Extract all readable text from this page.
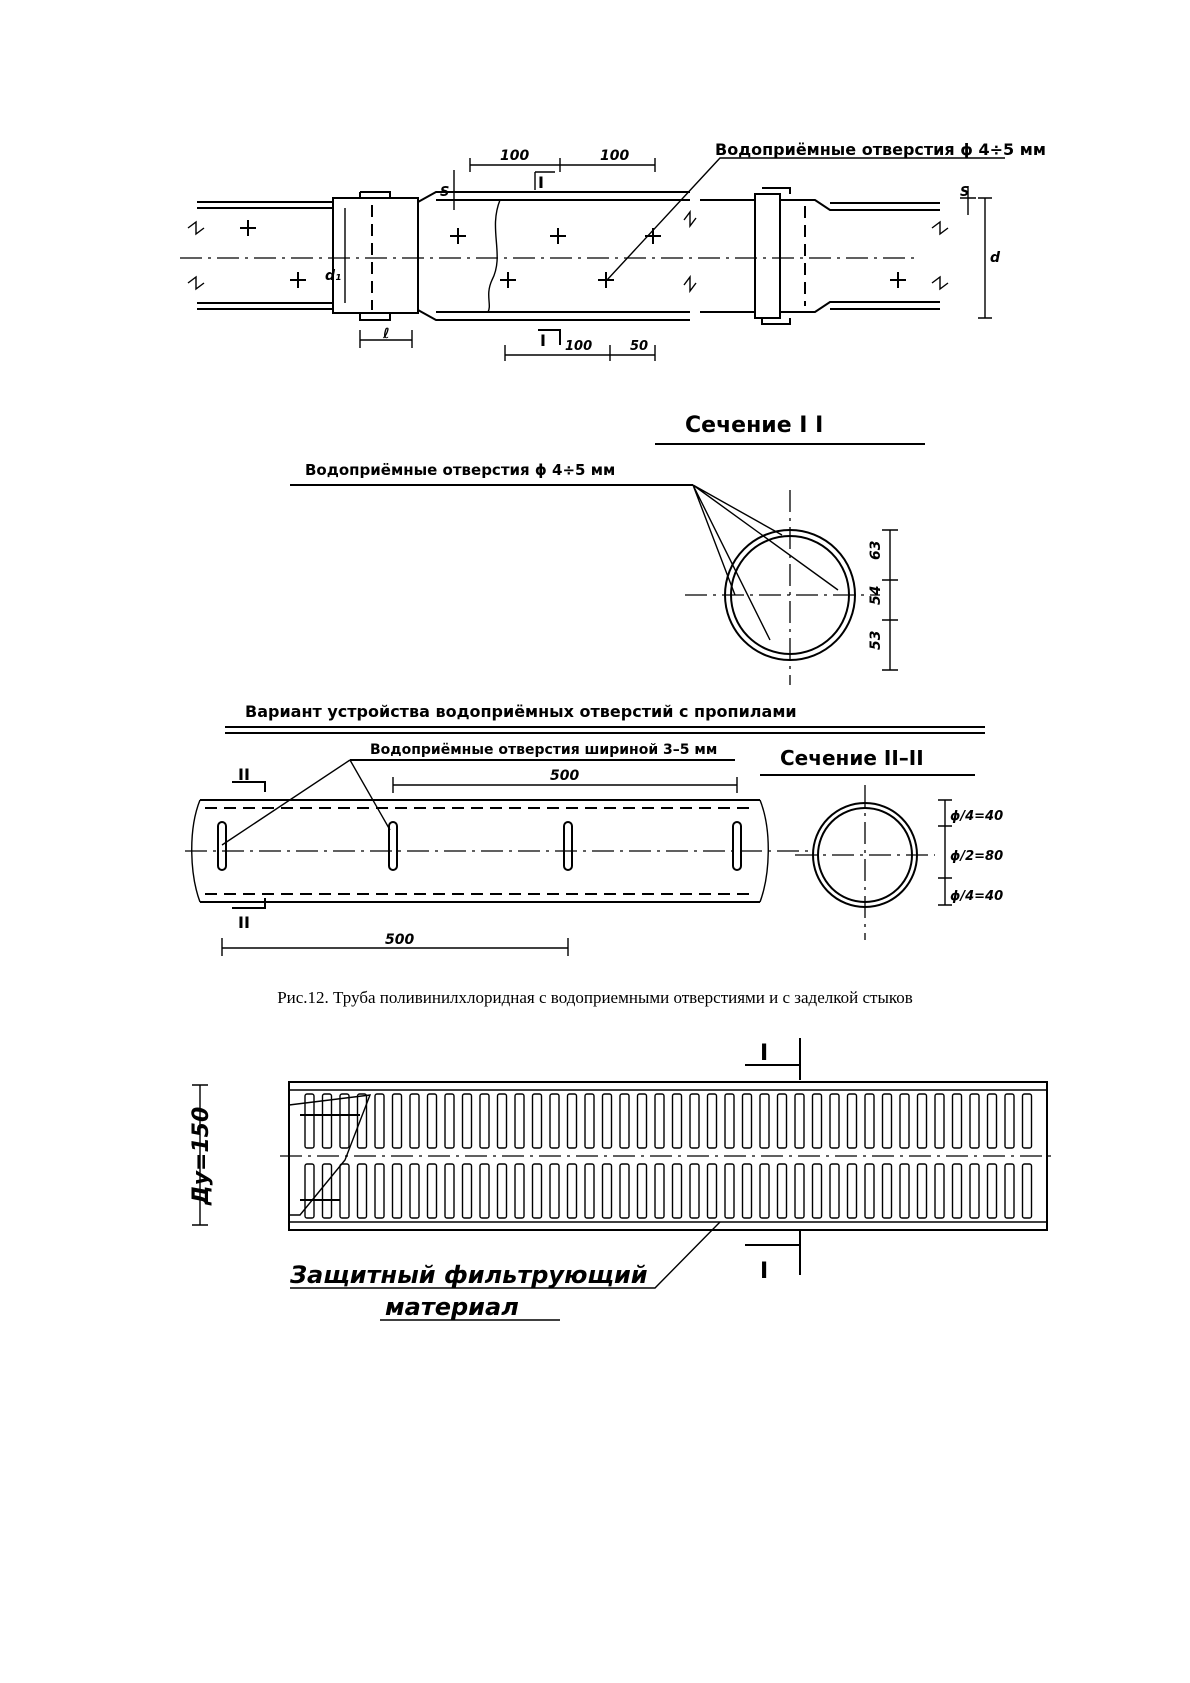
Водоприёмные отверстия ϕ 4÷5 мм
100	100
I
S	S
d
d₁
ℓ	I 100	50
Сечение I I
Водоприёмные отверстия ϕ 4÷5 мм
63
54
53
Вариант устройства водоприёмных отверстий с пропилами
Водоприёмные отверстия шириной 3–5 мм
500
II
II
500
Сечение II–II
ϕ/4=40
ϕ/2=80
ϕ/4=40
Рис.12. Труба поливинилхлоридная с водоприемными отверстиями и с заделкой стыков
Дy=150
I
I
Защитный фильтрующий
материал
